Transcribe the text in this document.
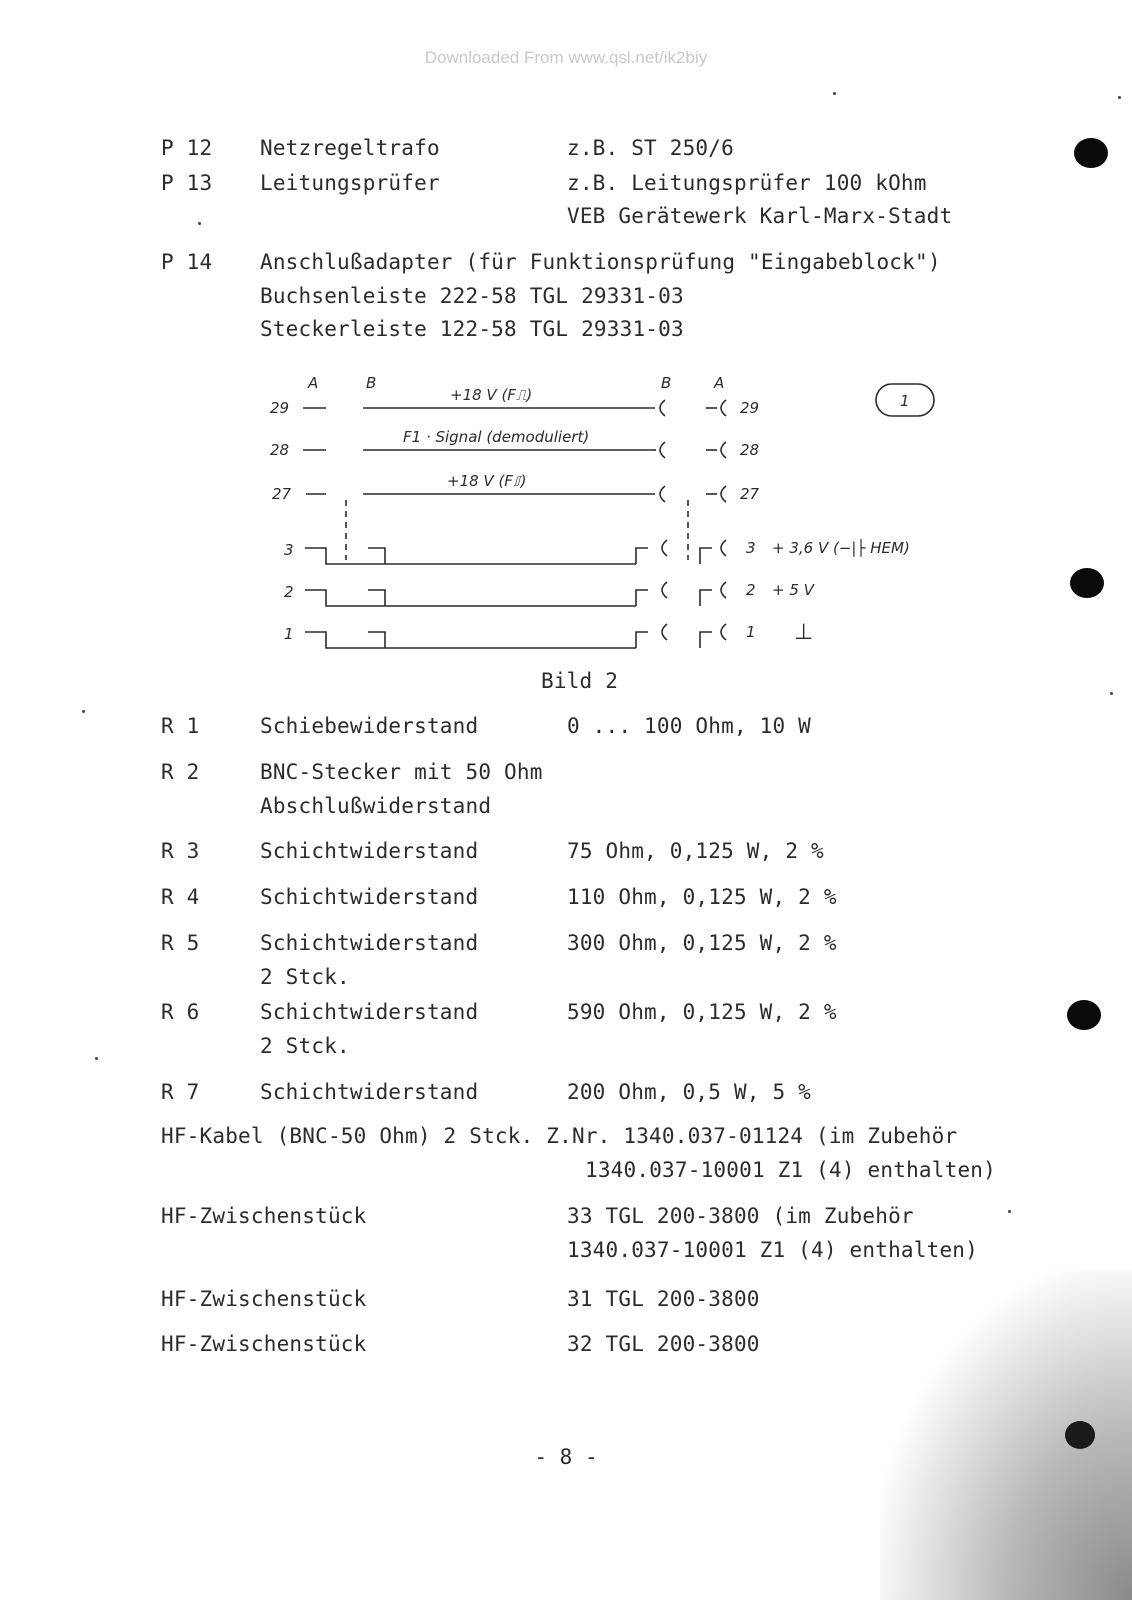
Downloaded From www.qsl.net/ik2biy
P 12 Netzregeltrafo	z.B. ST 250/6
P 13 Leitungsprüfer	z.B. Leitungsprüfer 100 kOhm
VEB Gerätewerk Karl-Marx-Stadt
P 14 Anschlußadapter (für Funktionsprüfung "Eingabeblock")
Buchsenleiste 222-58 TGL 29331-03
Steckerleiste 122-58 TGL 29331-03
A	B	B	A
29
28
27
3
2
1
29
28
27
3
2
1
+18 V (F⎍)
F1 · Signal (demoduliert)
+18 V (F⎎)
+ 3,6 V (−|├ HEM)
+ 5 V
⊥
1
Bild 2
R 1	Schiebewiderstand	0 ... 100 Ohm, 10 W
R 2	BNC-Stecker mit 50 Ohm
Abschlußwiderstand
R 3	Schichtwiderstand	75 Ohm, 0,125 W, 2 %
R 4	Schichtwiderstand	110 Ohm, 0,125 W, 2 %
R 5	Schichtwiderstand	300 Ohm, 0,125 W, 2 %
2 Stck.
R 6	Schichtwiderstand	590 Ohm, 0,125 W, 2 %
2 Stck.
R 7	Schichtwiderstand	200 Ohm, 0,5 W, 5 %
HF-Kabel (BNC-50 Ohm) 2 Stck. Z.Nr. 1340.037-01124 (im Zubehör
1340.037-10001 Z1 (4) enthalten)
HF-Zwischenstück	33 TGL 200-3800 (im Zubehör
1340.037-10001 Z1 (4) enthalten)
HF-Zwischenstück	31 TGL 200-3800
HF-Zwischenstück	32 TGL 200-3800
- 8 -
